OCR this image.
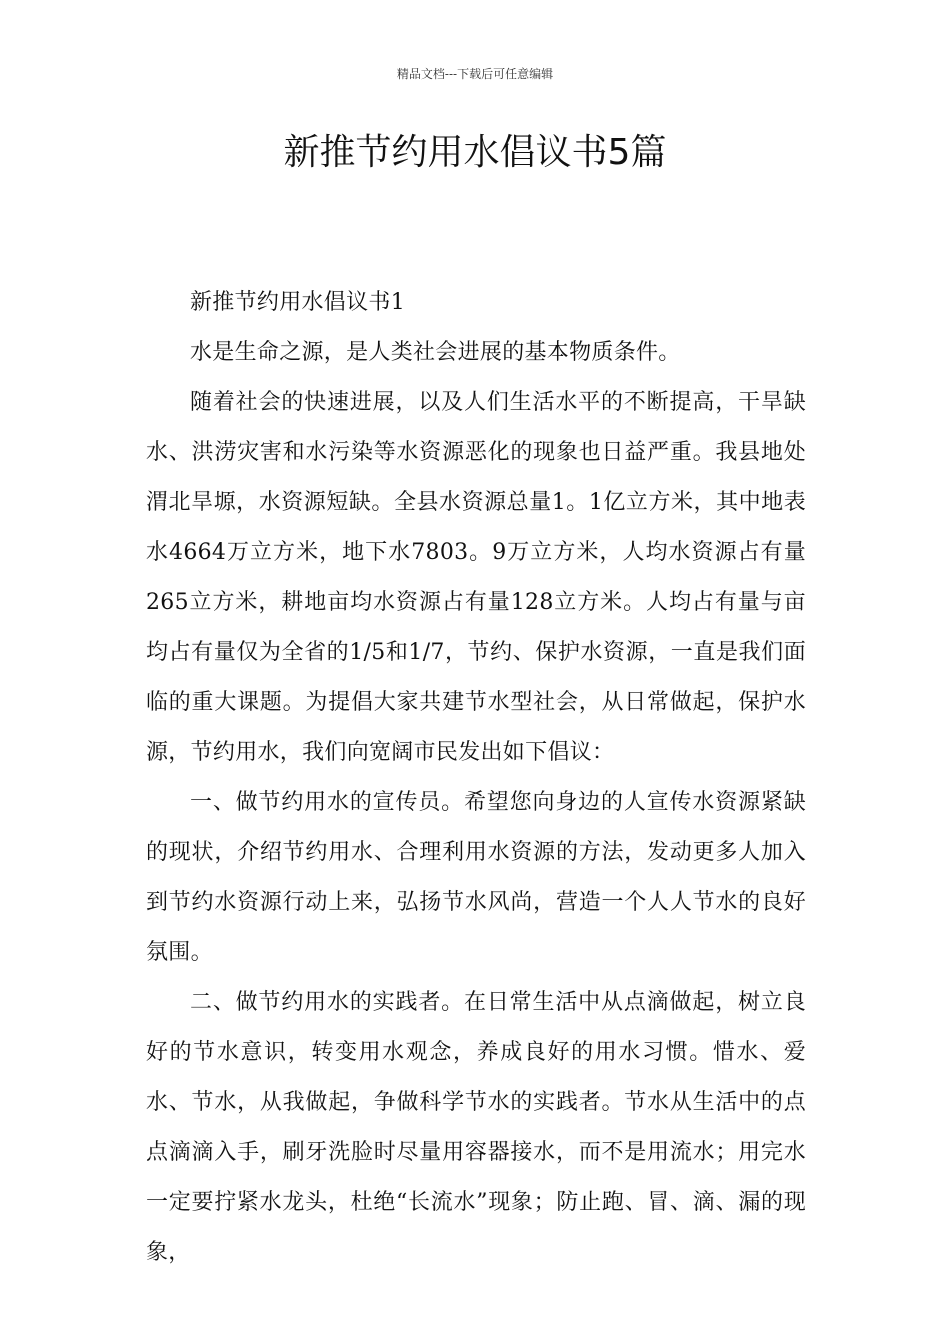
精品文档---下载后可任意编辑
新推节约用水倡议书5篇

新推节约用水倡议书1

水是生命之源，是人类社会进展的基本物质条件。

随着社会的快速进展，以及人们生活水平的不断提高，干旱缺水、洪涝灾害和水污染等水资源恶化的现象也日益严重。我县地处渭北旱塬，水资源短缺。全县水资源总量1。1亿立方米，其中地表水4664万立方米，地下水7803。9万立方米，人均水资源占有量265立方米，耕地亩均水资源占有量128立方米。人均占有量与亩均占有量仅为全省的1/5和1/7，节约、保护水资源，一直是我们面临的重大课题。为提倡大家共建节水型社会，从日常做起，保护水源，节约用水，我们向宽阔市民发出如下倡议：

一、做节约用水的宣传员。希望您向身边的人宣传水资源紧缺的现状，介绍节约用水、合理利用水资源的方法，发动更多人加入到节约水资源行动上来，弘扬节水风尚，营造一个人人节水的良好氛围。

二、做节约用水的实践者。在日常生活中从点滴做起，树立良好的节水意识，转变用水观念，养成良好的用水习惯。惜水、爱水、节水，从我做起，争做科学节水的实践者。节水从生活中的点点滴滴入手，刷牙洗脸时尽量用容器接水，而不是用流水；用完水一定要拧紧水龙头，杜绝“长流水”现象；防止跑、冒、滴、漏的现象，
